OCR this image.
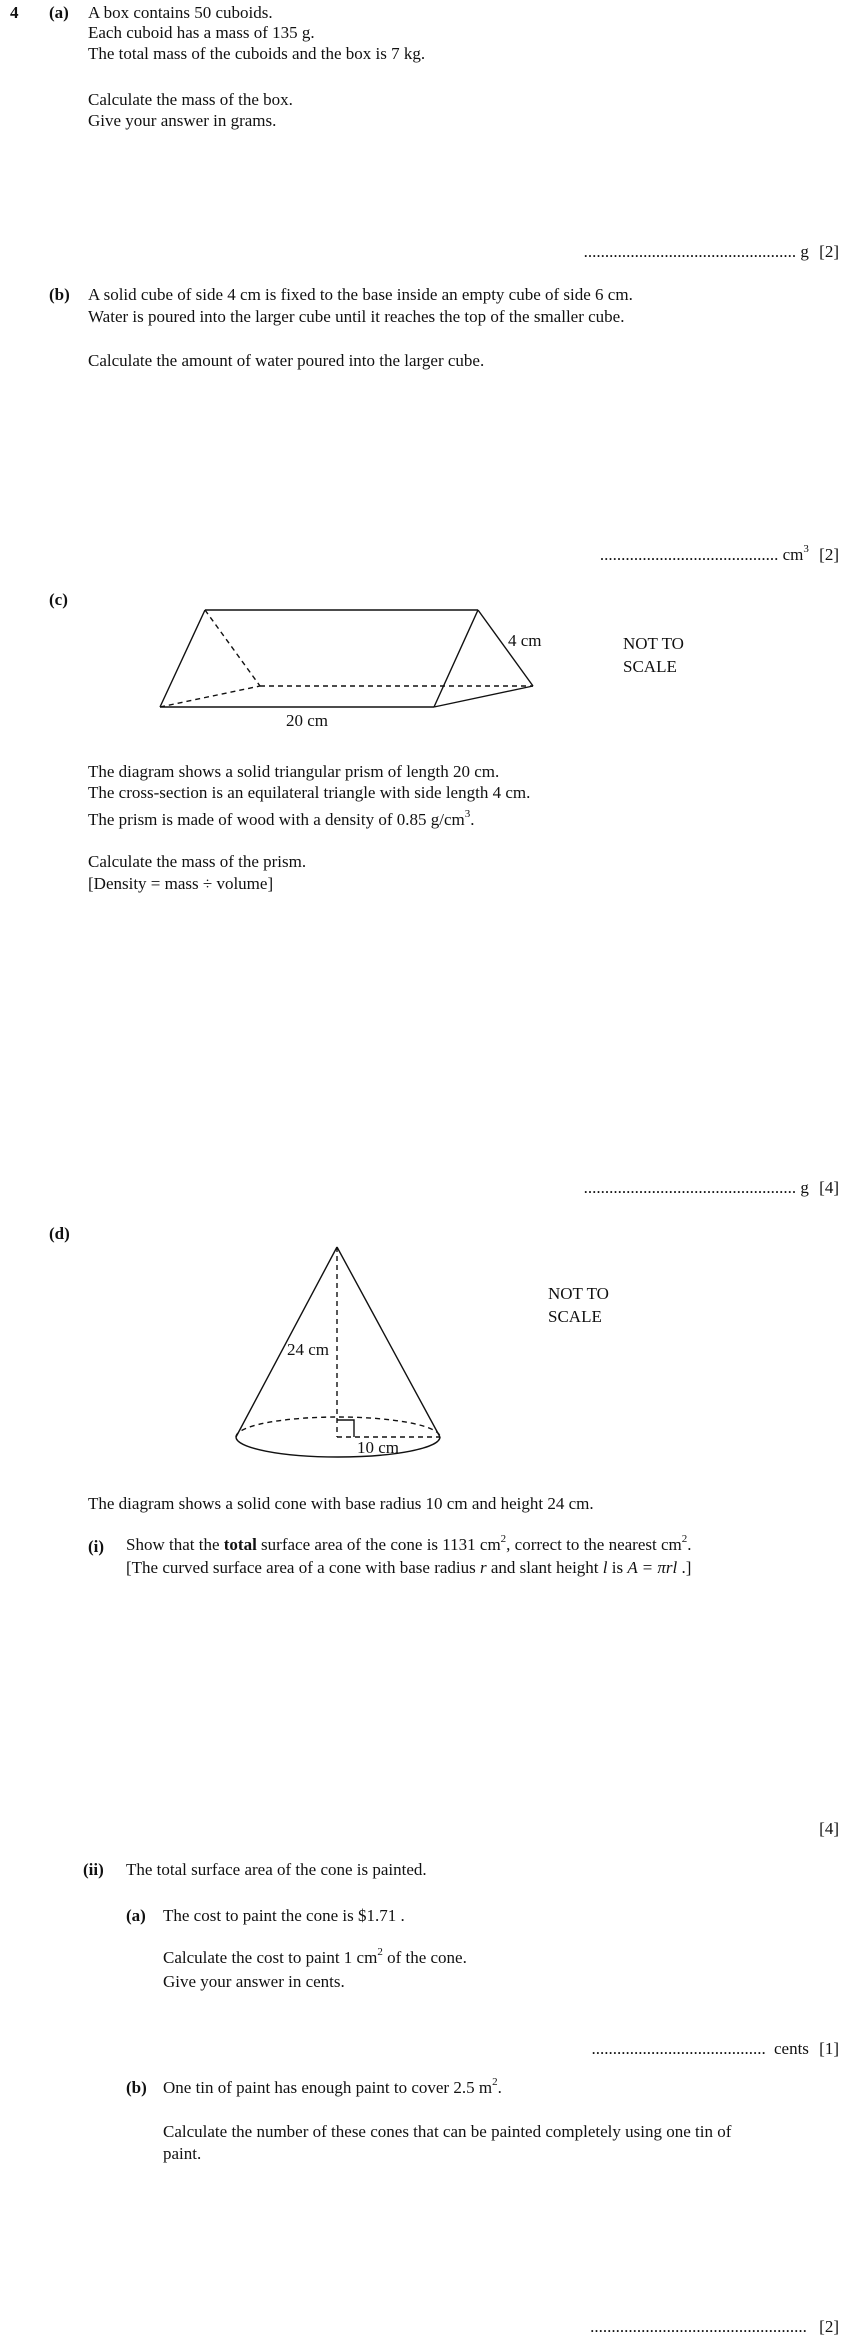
4 (a) A box contains 50 cuboids.
Each cuboid has a mass of 135 g.
The total mass of the cuboids and the box is 7 kg.
Calculate the mass of the box.
Give your answer in grams.
.................................................. g [2]
(b) A solid cube of side 4 cm is fixed to the base inside an empty cube of side 6 cm.
Water is poured into the larger cube until it reaches the top of the smaller cube.
Calculate the amount of water poured into the larger cube.
.......................................... $cm^3$ [2]
(c)
4 cm
20 cm
NOT TO
SCALE
The diagram shows a solid triangular prism of length 20 cm.
The cross-section is an equilateral triangle with side length 4 cm.
The prism is made of wood with a density of 0.85 $g/cm^3$.
Calculate the mass of the prism.
[Density = mass ÷ volume]
.................................................. g [4]
(d)
24 cm
10 cm
NOT TO
SCALE
The diagram shows a solid cone with base radius 10 cm and height 24 cm.
(i) Show that the total surface area of the cone is 1131 $cm^2$, correct to the nearest $cm^2$.
[The curved surface area of a cone with base radius r and slant height l is A = πrl .]
[4]
(ii) The total surface area of the cone is painted.
(a) The cost to paint the cone is $1.71 .
Calculate the cost to paint 1 $cm^2$ of the cone.
Give your answer in cents.
......................................... cents [1]
(b) One tin of paint has enough paint to cover 2.5 $m^2$.
Calculate the number of these cones that can be painted completely using one tin of
paint.
................................................... [2]
